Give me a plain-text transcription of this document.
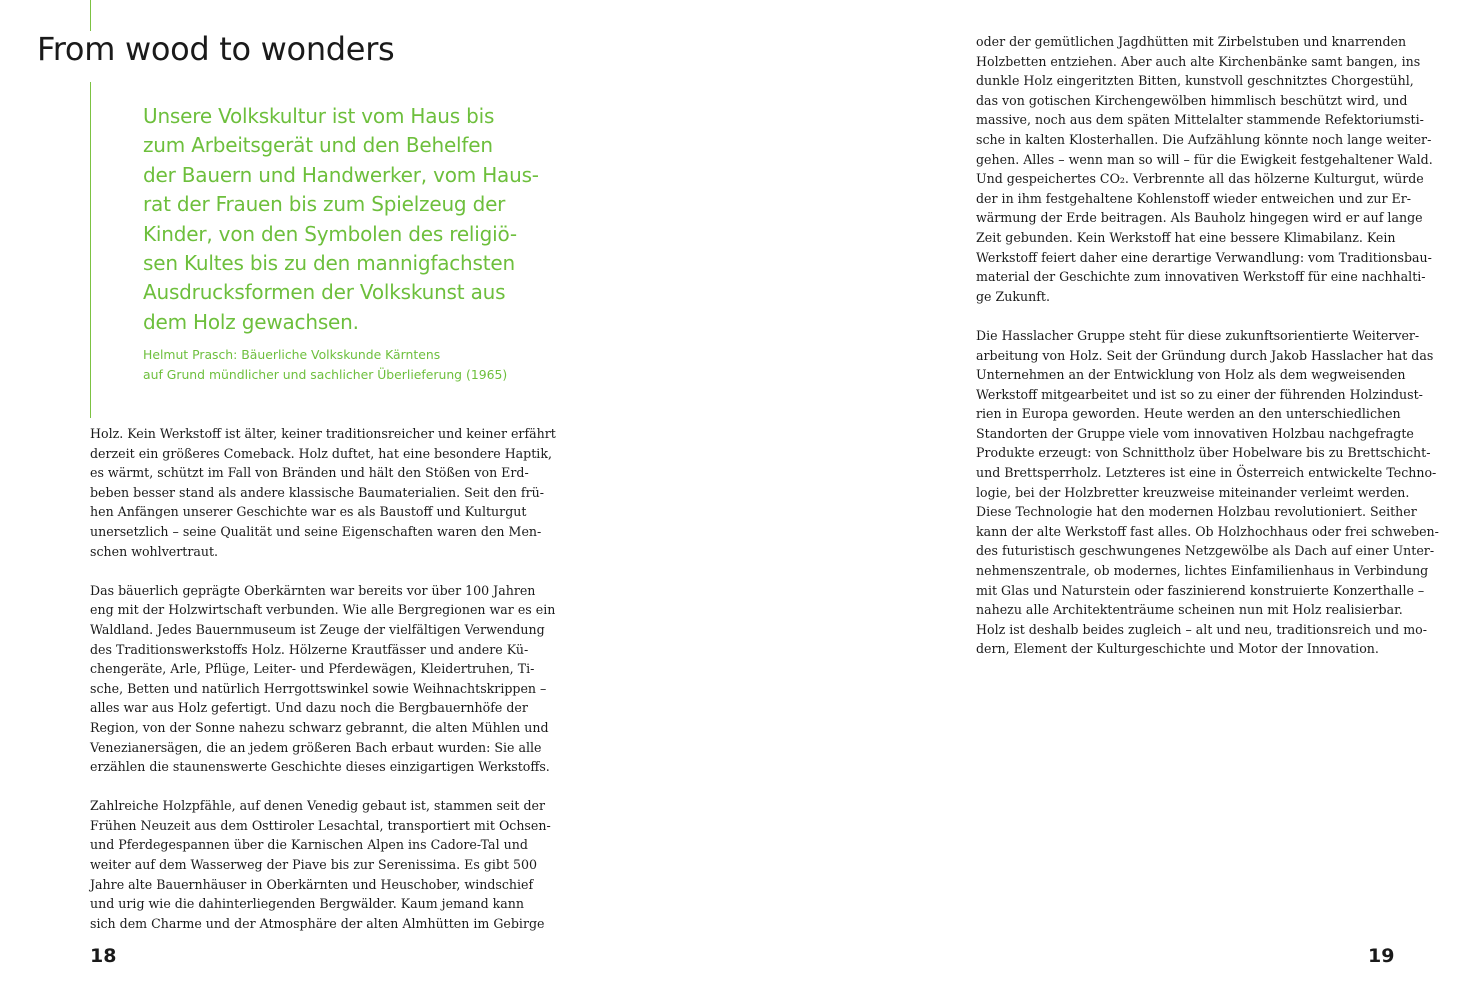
From wood to wonders
Unsere Volkskultur ist vom Haus bis
zum Arbeitsgerät und den Behelfen
der Bauern und Handwerker, vom Haus-
rat der Frauen bis zum Spielzeug der
Kinder, von den Symbolen des religiö-
sen Kultes bis zu den mannigfachsten
Ausdrucksformen der Volkskunst aus
dem Holz gewachsen.
Helmut Prasch: Bäuerliche Volkskunde Kärntens
auf Grund mündlicher und sachlicher Überlieferung (1965)

Holz. Kein Werkstoff ist älter, keiner traditionsreicher und keiner erfährt
derzeit ein größeres Comeback. Holz duftet, hat eine besondere Haptik,
es wärmt, schützt im Fall von Bränden und hält den Stößen von Erd-
beben besser stand als andere klassische Baumaterialien. Seit den frü-
hen Anfängen unserer Geschichte war es als Baustoff und Kulturgut
unersetzlich – seine Qualität und seine Eigenschaften waren den Men-
schen wohlvertraut.

Das bäuerlich geprägte Oberkärnten war bereits vor über 100 Jahren
eng mit der Holzwirtschaft verbunden. Wie alle Bergregionen war es ein
Waldland. Jedes Bauernmuseum ist Zeuge der vielfältigen Verwendung
des Traditionswerkstoffs Holz. Hölzerne Krautfässer und andere Kü-
chengeräte, Arle, Pflüge, Leiter- und Pferdewägen, Kleidertruhen, Ti-
sche, Betten und natürlich Herrgottswinkel sowie Weihnachtskrippen –
alles war aus Holz gefertigt. Und dazu noch die Bergbauernhöfe der
Region, von der Sonne nahezu schwarz gebrannt, die alten Mühlen und
Venezianersägen, die an jedem größeren Bach erbaut wurden: Sie alle
erzählen die staunenswerte Geschichte dieses einzigartigen Werkstoffs.

Zahlreiche Holzpfähle, auf denen Venedig gebaut ist, stammen seit der
Frühen Neuzeit aus dem Osttiroler Lesachtal, transportiert mit Ochsen-
und Pferdegespannen über die Karnischen Alpen ins Cadore-Tal und
weiter auf dem Wasserweg der Piave bis zur Serenissima. Es gibt 500
Jahre alte Bauernhäuser in Oberkärnten und Heuschober, windschief
und urig wie die dahinterliegenden Bergwälder. Kaum jemand kann
sich dem Charme und der Atmosphäre der alten Almhütten im Gebirge

oder der gemütlichen Jagdhütten mit Zirbelstuben und knarrenden
Holzbetten entziehen. Aber auch alte Kirchenbänke samt bangen, ins
dunkle Holz eingeritzten Bitten, kunstvoll geschnitztes Chorgestühl,
das von gotischen Kirchengewölben himmlisch beschützt wird, und
massive, noch aus dem späten Mittelalter stammende Refektoriumsti-
sche in kalten Klosterhallen. Die Aufzählung könnte noch lange weiter-
gehen. Alles – wenn man so will – für die Ewigkeit festgehaltener Wald.
Und gespeichertes CO₂. Verbrennte all das hölzerne Kulturgut, würde
der in ihm festgehaltene Kohlenstoff wieder entweichen und zur Er-
wärmung der Erde beitragen. Als Bauholz hingegen wird er auf lange
Zeit gebunden. Kein Werkstoff hat eine bessere Klimabilanz. Kein
Werkstoff feiert daher eine derartige Verwandlung: vom Traditionsbau-
material der Geschichte zum innovativen Werkstoff für eine nachhalti-
ge Zukunft.

Die Hasslacher Gruppe steht für diese zukunftsorientierte Weiterver-
arbeitung von Holz. Seit der Gründung durch Jakob Hasslacher hat das
Unternehmen an der Entwicklung von Holz als dem wegweisenden
Werkstoff mitgearbeitet und ist so zu einer der führenden Holzindust-
rien in Europa geworden. Heute werden an den unterschiedlichen
Standorten der Gruppe viele vom innovativen Holzbau nachgefragte
Produkte erzeugt: von Schnittholz über Hobelware bis zu Brettschicht-
und Brettsperrholz. Letzteres ist eine in Österreich entwickelte Techno-
logie, bei der Holzbretter kreuzweise miteinander verleimt werden.
Diese Technologie hat den modernen Holzbau revolutioniert. Seither
kann der alte Werkstoff fast alles. Ob Holzhochhaus oder frei schweben-
des futuristisch geschwungenes Netzgewölbe als Dach auf einer Unter-
nehmenszentrale, ob modernes, lichtes Einfamilienhaus in Verbindung
mit Glas und Naturstein oder faszinierend konstruierte Konzerthalle –
nahezu alle Architektenträume scheinen nun mit Holz realisierbar.
Holz ist deshalb beides zugleich – alt und neu, traditionsreich und mo-
dern, Element der Kulturgeschichte und Motor der Innovation.

18	19
